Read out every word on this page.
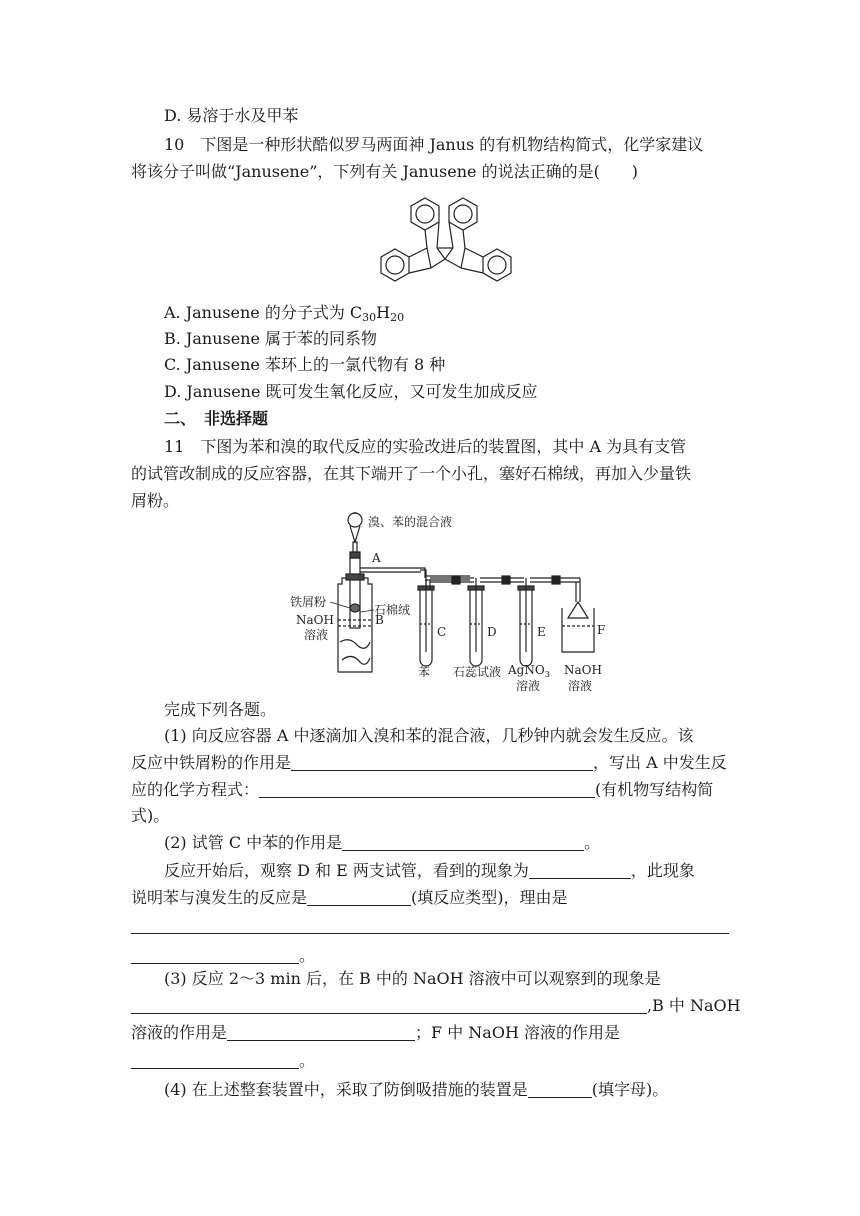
D. 易溶于水及甲苯
10　下图是一种形状酷似罗马两面神 Janus 的有机物结构简式，化学家建议
将该分子叫做“Janusene”，下列有关 Janusene 的说法正确的是(　　)
A. Janusene 的分子式为 $C_{30}H_{20}$
B. Janusene 属于苯的同系物
C. Janusene 苯环上的一氯代物有 8 种
D. Janusene 既可发生氧化反应，又可发生加成反应
二、　非选择题
11　下图为苯和溴的取代反应的实验改进后的装置图，其中 A 为具有支管
的试管改制成的反应容器，在其下端开了一个小孔，塞好石棉绒，再加入少量铁
屑粉。
溴、苯的混合液
A
铁屑粉
石棉绒
NaOH
溶液
B
C	D	E	F
苯 石蕊试液 AgNO$_3$
溶液
NaOH
溶液
完成下列各题。
(1) 向反应容器 A 中逐滴加入溴和苯的混合液，几秒钟内就会发生反应。该
反应中铁屑粉的作用是	，写出 A 中发生反
应的化学方程式：	(有机物写结构简
式)。
(2) 试管 C 中苯的作用是	。
反应开始后，观察 D 和 E 两支试管，看到的现象为	，此现象
说明苯与溴发生的反应是	(填反应类型)，理由是
。
(3) 反应 2～3 min 后，在 B 中的 NaOH 溶液中可以观察到的现象是
,B 中 NaOH
溶液的作用是	；F 中 NaOH 溶液的作用是
。
(4) 在上述整套装置中，采取了防倒吸措施的装置是	(填字母)。
